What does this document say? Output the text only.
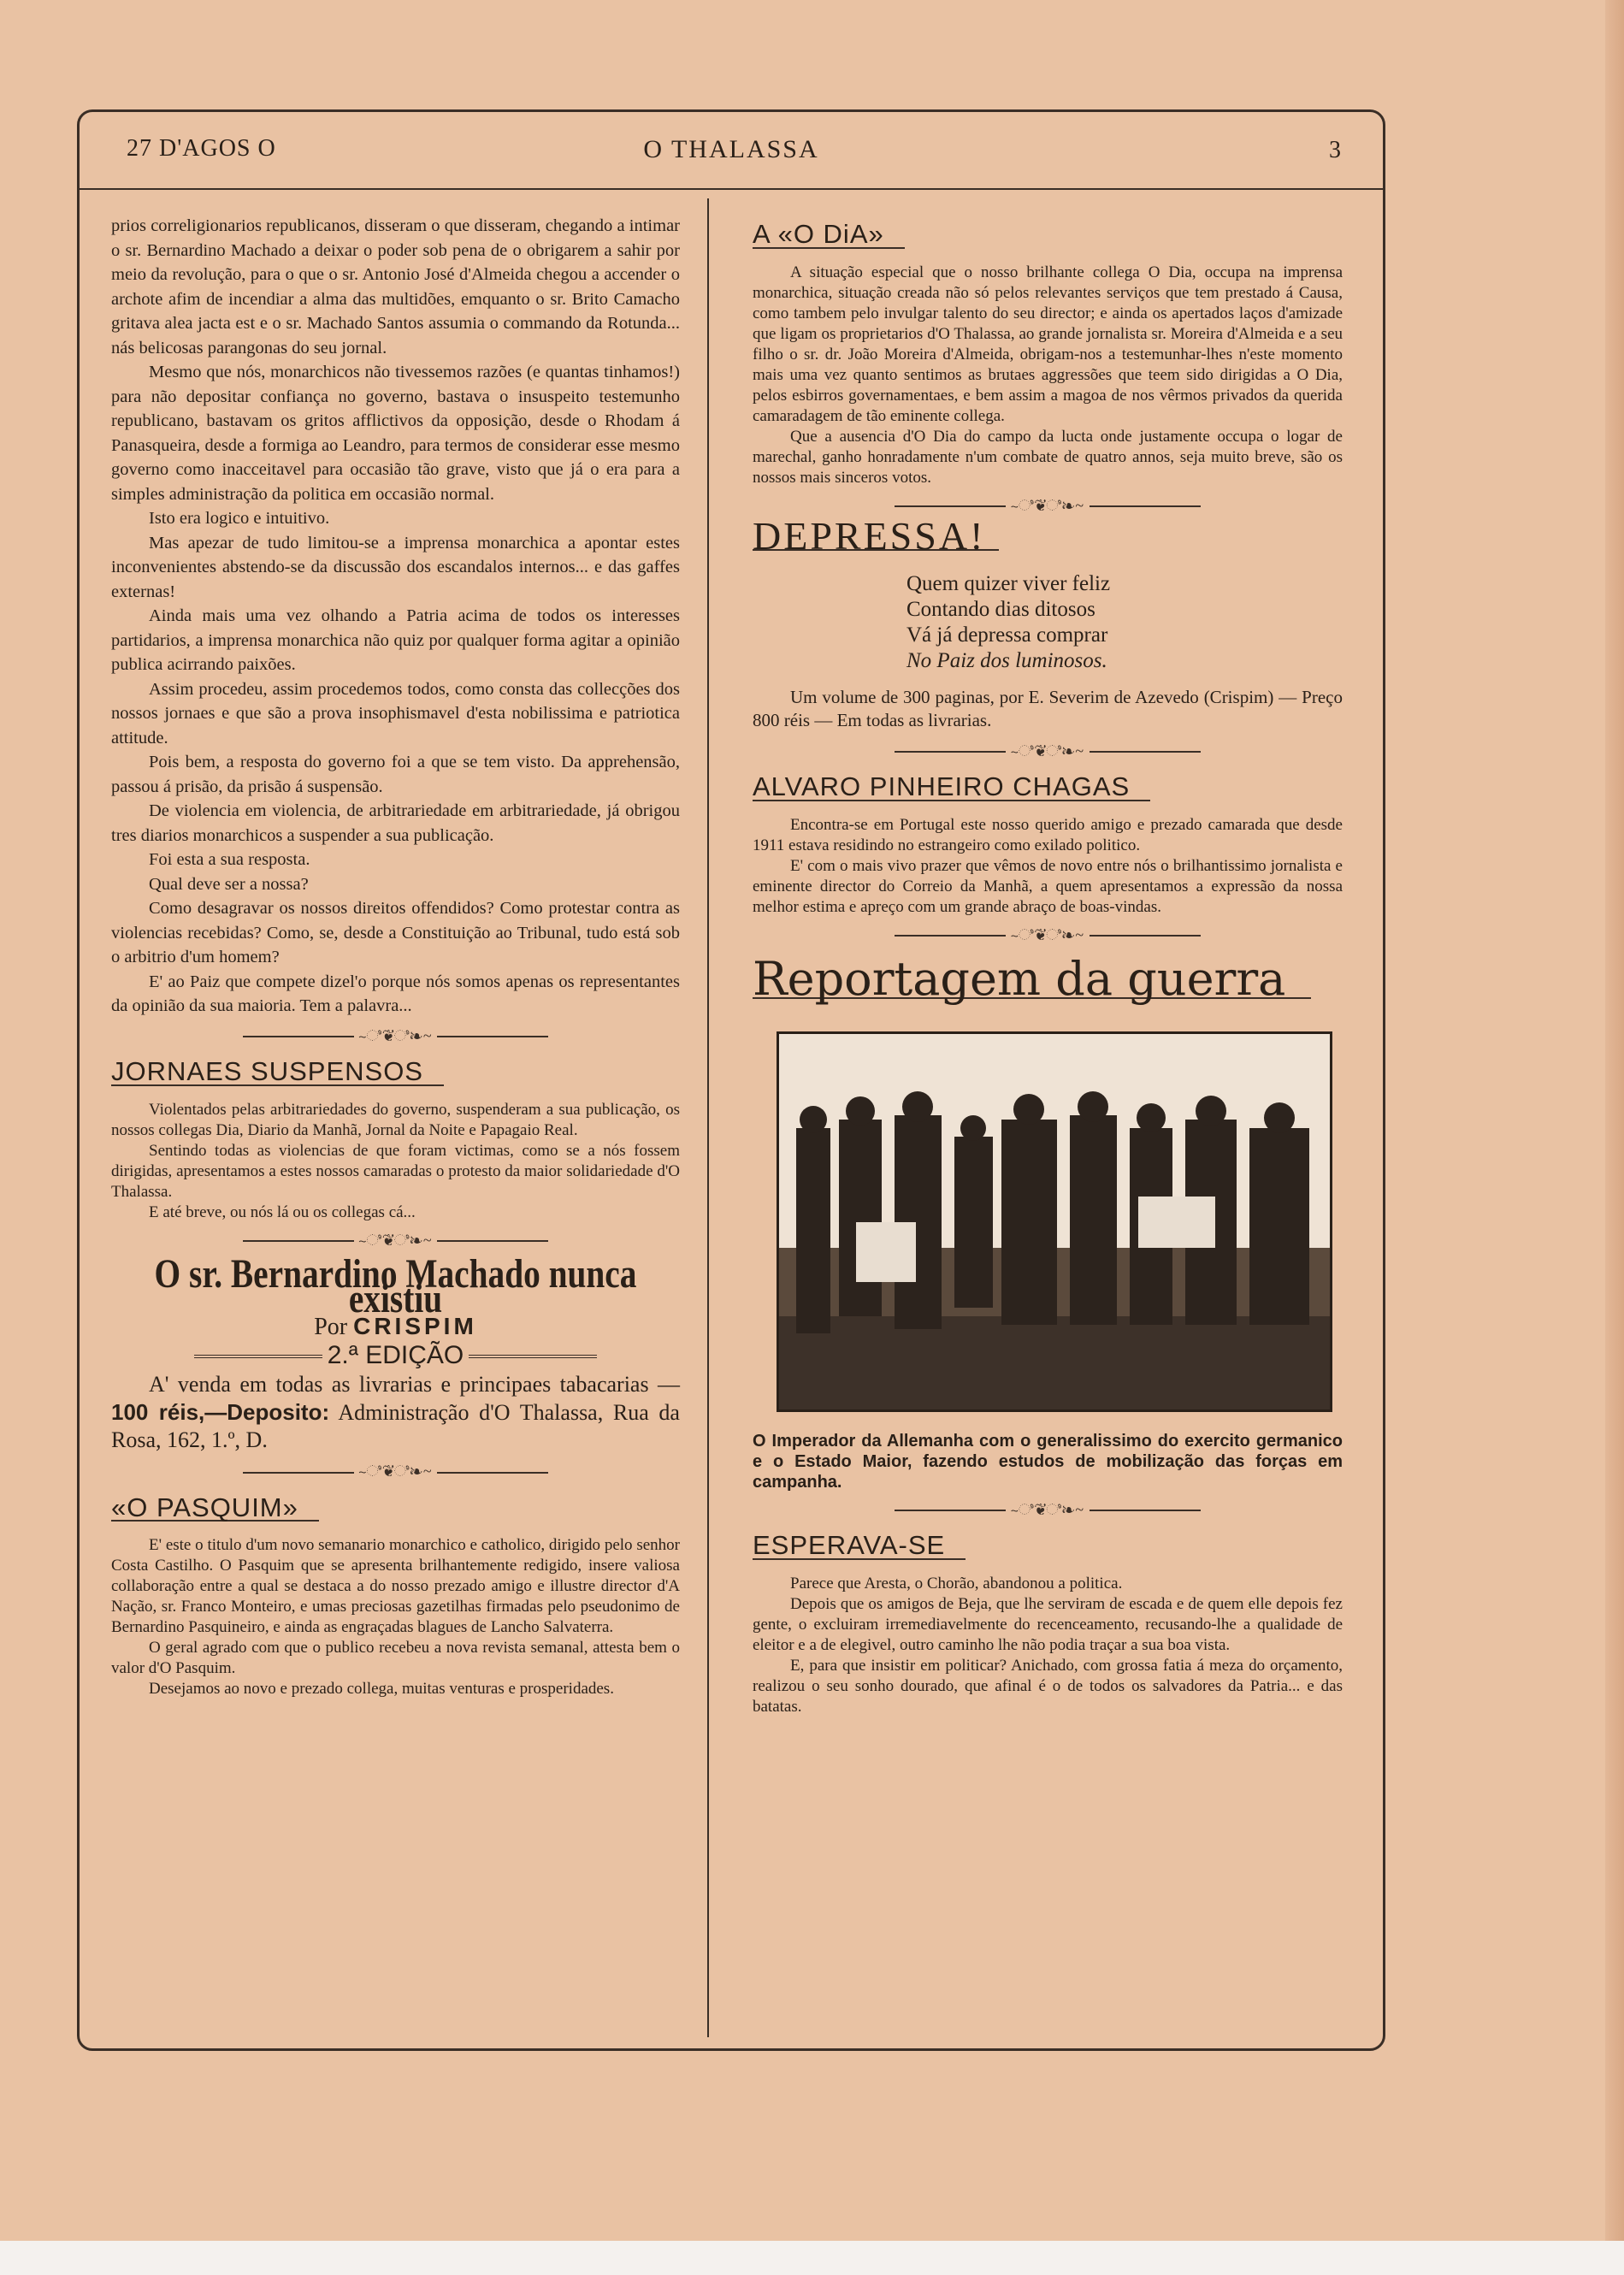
27 D'AGOS O	O THALASSA	3

prios correligionarios republicanos, disseram o que disseram, chegando a intimar o sr. Bernardino Machado a deixar o poder sob pena de o obrigarem a sahir por meio da revolução, para o que o sr. Antonio José d'Almeida chegou a accender o archote afim de incendiar a alma das multidões, emquanto o sr. Brito Camacho gritava alea jacta est e o sr. Machado Santos assumia o commando da Rotunda... nás belicosas parangonas do seu jornal.

Mesmo que nós, monarchicos não tivessemos razões (e quantas tinhamos!) para não depositar confiança no governo, bastava o insuspeito testemunho republicano, bastavam os gritos afflictivos da opposição, desde o Rhodam á Panasqueira, desde a formiga ao Leandro, para termos de considerar esse mesmo governo como inacceitavel para occasião tão grave, visto que já o era para a simples administração da politica em occasião normal.

Isto era logico e intuitivo.

Mas apezar de tudo limitou-se a imprensa monarchica a apontar estes inconvenientes abstendo-se da discussão dos escandalos internos... e das gaffes externas!

Ainda mais uma vez olhando a Patria acima de todos os interesses partidarios, a imprensa monarchica não quiz por qualquer forma agitar a opinião publica acirrando paixões.

Assim procedeu, assim procedemos todos, como consta das collecções dos nossos jornaes e que são a prova insophismavel d'esta nobilissima e patriotica attitude.

Pois bem, a resposta do governo foi a que se tem visto. Da apprehensão, passou á prisão, da prisão á suspensão.

De violencia em violencia, de arbitrariedade em arbitrariedade, já obrigou tres diarios monarchicos a suspender a sua publicação.

Foi esta a sua resposta.

Qual deve ser a nossa?

Como desagravar os nossos direitos offendidos? Como protestar contra as violencias recebidas? Como, se, desde a Constituição ao Tribunal, tudo está sob o arbitrio d'um homem?

E' ao Paiz que compete dizel'o porque nós somos apenas os representantes da opinião da sua maioria. Tem a palavra...

~ಿ❦ಿ❧~
JORNAES SUSPENSOS

Violentados pelas arbitrariedades do governo, suspenderam a sua publicação, os nossos collegas Dia, Diario da Manhã, Jornal da Noite e Papagaio Real.

Sentindo todas as violencias de que foram victimas, como se a nós fossem dirigidas, apresentamos a estes nossos camaradas o protesto da maior solidariedade d'O Thalassa.

E até breve, ou nós lá ou os collegas cá...

~ಿ❦ಿ❧~
O sr. Bernardino Machado nunca existiu
Por CRISPIM
2.ª EDIÇÃO
A' venda em todas as livrarias e principaes tabacarias — 100 réis,—Deposito: Administração d'O Thalassa, Rua da Rosa, 162, 1.º, D.
~ಿ❦ಿ❧~
«O PASQUIM»

E' este o titulo d'um novo semanario monarchico e catholico, dirigido pelo senhor Costa Castilho. O Pasquim que se apresenta brilhantemente redigido, insere valiosa collaboração entre a qual se destaca a do nosso prezado amigo e illustre director d'A Nação, sr. Franco Monteiro, e umas preciosas gazetilhas firmadas pelo pseudonimo de Bernardino Pasquineiro, e ainda as engraçadas blagues de Lancho Salvaterra.

O geral agrado com que o publico recebeu a nova revista semanal, attesta bem o valor d'O Pasquim.

Desejamos ao novo e prezado collega, muitas venturas e prosperidades.

A «O DiA»

A situação especial que o nosso brilhante collega O Dia, occupa na imprensa monarchica, situação creada não só pelos relevantes serviços que tem prestado á Causa, como tambem pelo invulgar talento do seu director; e ainda os apertados laços d'amizade que ligam os proprietarios d'O Thalassa, ao grande jornalista sr. Moreira d'Almeida e a seu filho o sr. dr. João Moreira d'Almeida, obrigam-nos a testemunhar-lhes n'este momento mais uma vez quanto sentimos as brutaes aggressões que teem sido dirigidas a O Dia, pelos esbirros governamentaes, e bem assim a magoa de nos vêrmos privados da querida camaradagem de tão eminente collega.

Que a ausencia d'O Dia do campo da lucta onde justamente occupa o logar de marechal, ganho honradamente n'um combate de quatro annos, seja muito breve, são os nossos mais sinceros votos.

~ಿ❦ಿ❧~
DEPRESSA!
Quem quizer viver feliz
Contando dias ditosos
Vá já depressa comprar
No Paiz dos luminosos.
Um volume de 300 paginas, por E. Severim de Azevedo (Crispim) — Preço 800 réis — Em todas as livrarias.
~ಿ❦ಿ❧~
ALVARO PINHEIRO CHAGAS

Encontra-se em Portugal este nosso querido amigo e prezado camarada que desde 1911 estava residindo no estrangeiro como exilado politico.

E' com o mais vivo prazer que vêmos de novo entre nós o brilhantissimo jornalista e eminente director do Correio da Manhã, a quem apresentamos a expressão da nossa melhor estima e apreço com um grande abraço de boas-vindas.

~ಿ❦ಿ❧~
Reportagem da guerra
O Imperador da Allemanha com o generalissimo do exercito germanico e o Estado Maior, fazendo estudos de mobilização das forças em campanha.
~ಿ❦ಿ❧~
ESPERAVA-SE

Parece que Aresta, o Chorão, abandonou a politica.

Depois que os amigos de Beja, que lhe serviram de escada e de quem elle depois fez gente, o excluiram irremediavelmente do recenceamento, recusando-lhe a qualidade de eleitor e a de elegivel, outro caminho lhe não podia traçar a sua boa vista.

E, para que insistir em politicar? Anichado, com grossa fatia á meza do orçamento, realizou o seu sonho dourado, que afinal é o de todos os salvadores da Patria... e das batatas.
